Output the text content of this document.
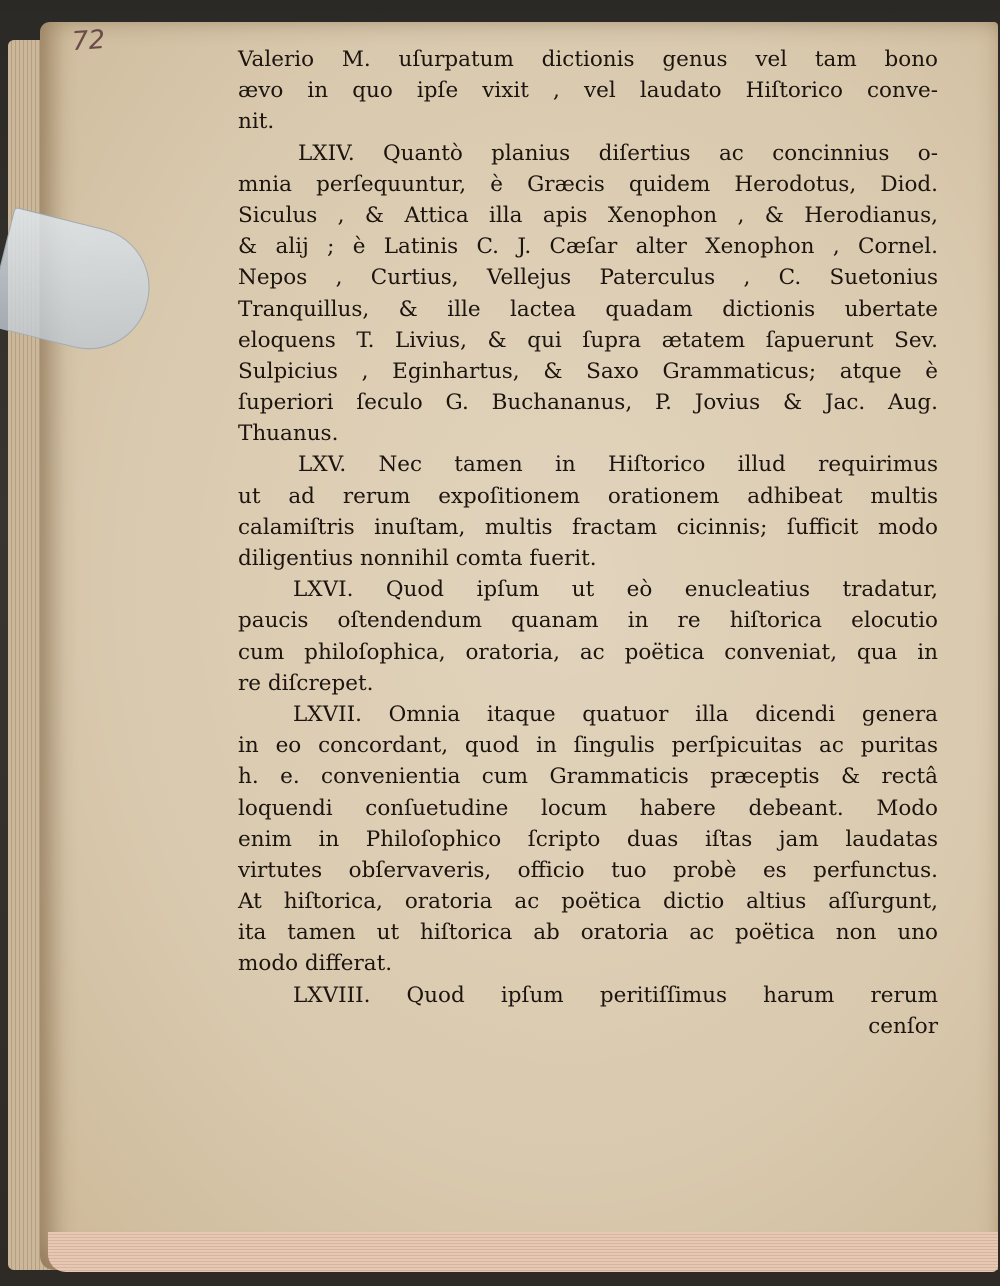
72
Valerio M. uſurpatum dictionis genus vel tam bono
ævo in quo ipſe vixit , vel laudato Hiſtorico conve-
nit.
LXIV. Quantò planius diſertius ac concinnius o-
mnia perſequuntur, è Græcis quidem Herodotus, Diod.
Siculus , & Attica illa apis Xenophon , & Herodianus,
& alij ; è Latinis C. J. Cæſar alter Xenophon , Cornel.
Nepos , Curtius, Vellejus Paterculus , C. Suetonius
Tranquillus, & ille lactea quadam dictionis ubertate
eloquens T. Livius, & qui ſupra ætatem ſapuerunt Sev.
Sulpicius , Eginhartus, & Saxo Grammaticus; atque è
ſuperiori ſeculo G. Buchananus, P. Jovius & Jac. Aug.
Thuanus.
LXV. Nec tamen in Hiſtorico illud requirimus
ut ad rerum expoſitionem orationem adhibeat multis
calamiſtris inuſtam, multis fractam cicinnis; ſufficit modo
diligentius nonnihil comta fuerit.
LXVI. Quod ipſum ut eò enucleatius tradatur,
paucis oſtendendum quanam in re hiſtorica elocutio
cum philoſophica, oratoria, ac poëtica conveniat, qua in
re diſcrepet.
LXVII. Omnia itaque quatuor illa dicendi genera
in eo concordant, quod in ſingulis perſpicuitas ac puritas
h. e. convenientia cum Grammaticis præceptis & rectâ
loquendi conſuetudine locum habere debeant. Modo
enim in Philoſophico ſcripto duas iſtas jam laudatas
virtutes obſervaveris, officio tuo probè es perfunctus.
At hiſtorica, oratoria ac poëtica dictio altius aſſurgunt,
ita tamen ut hiſtorica ab oratoria ac poëtica non uno
modo differat.
LXVIII. Quod ipſum peritiſſimus harum rerum
cenſor
